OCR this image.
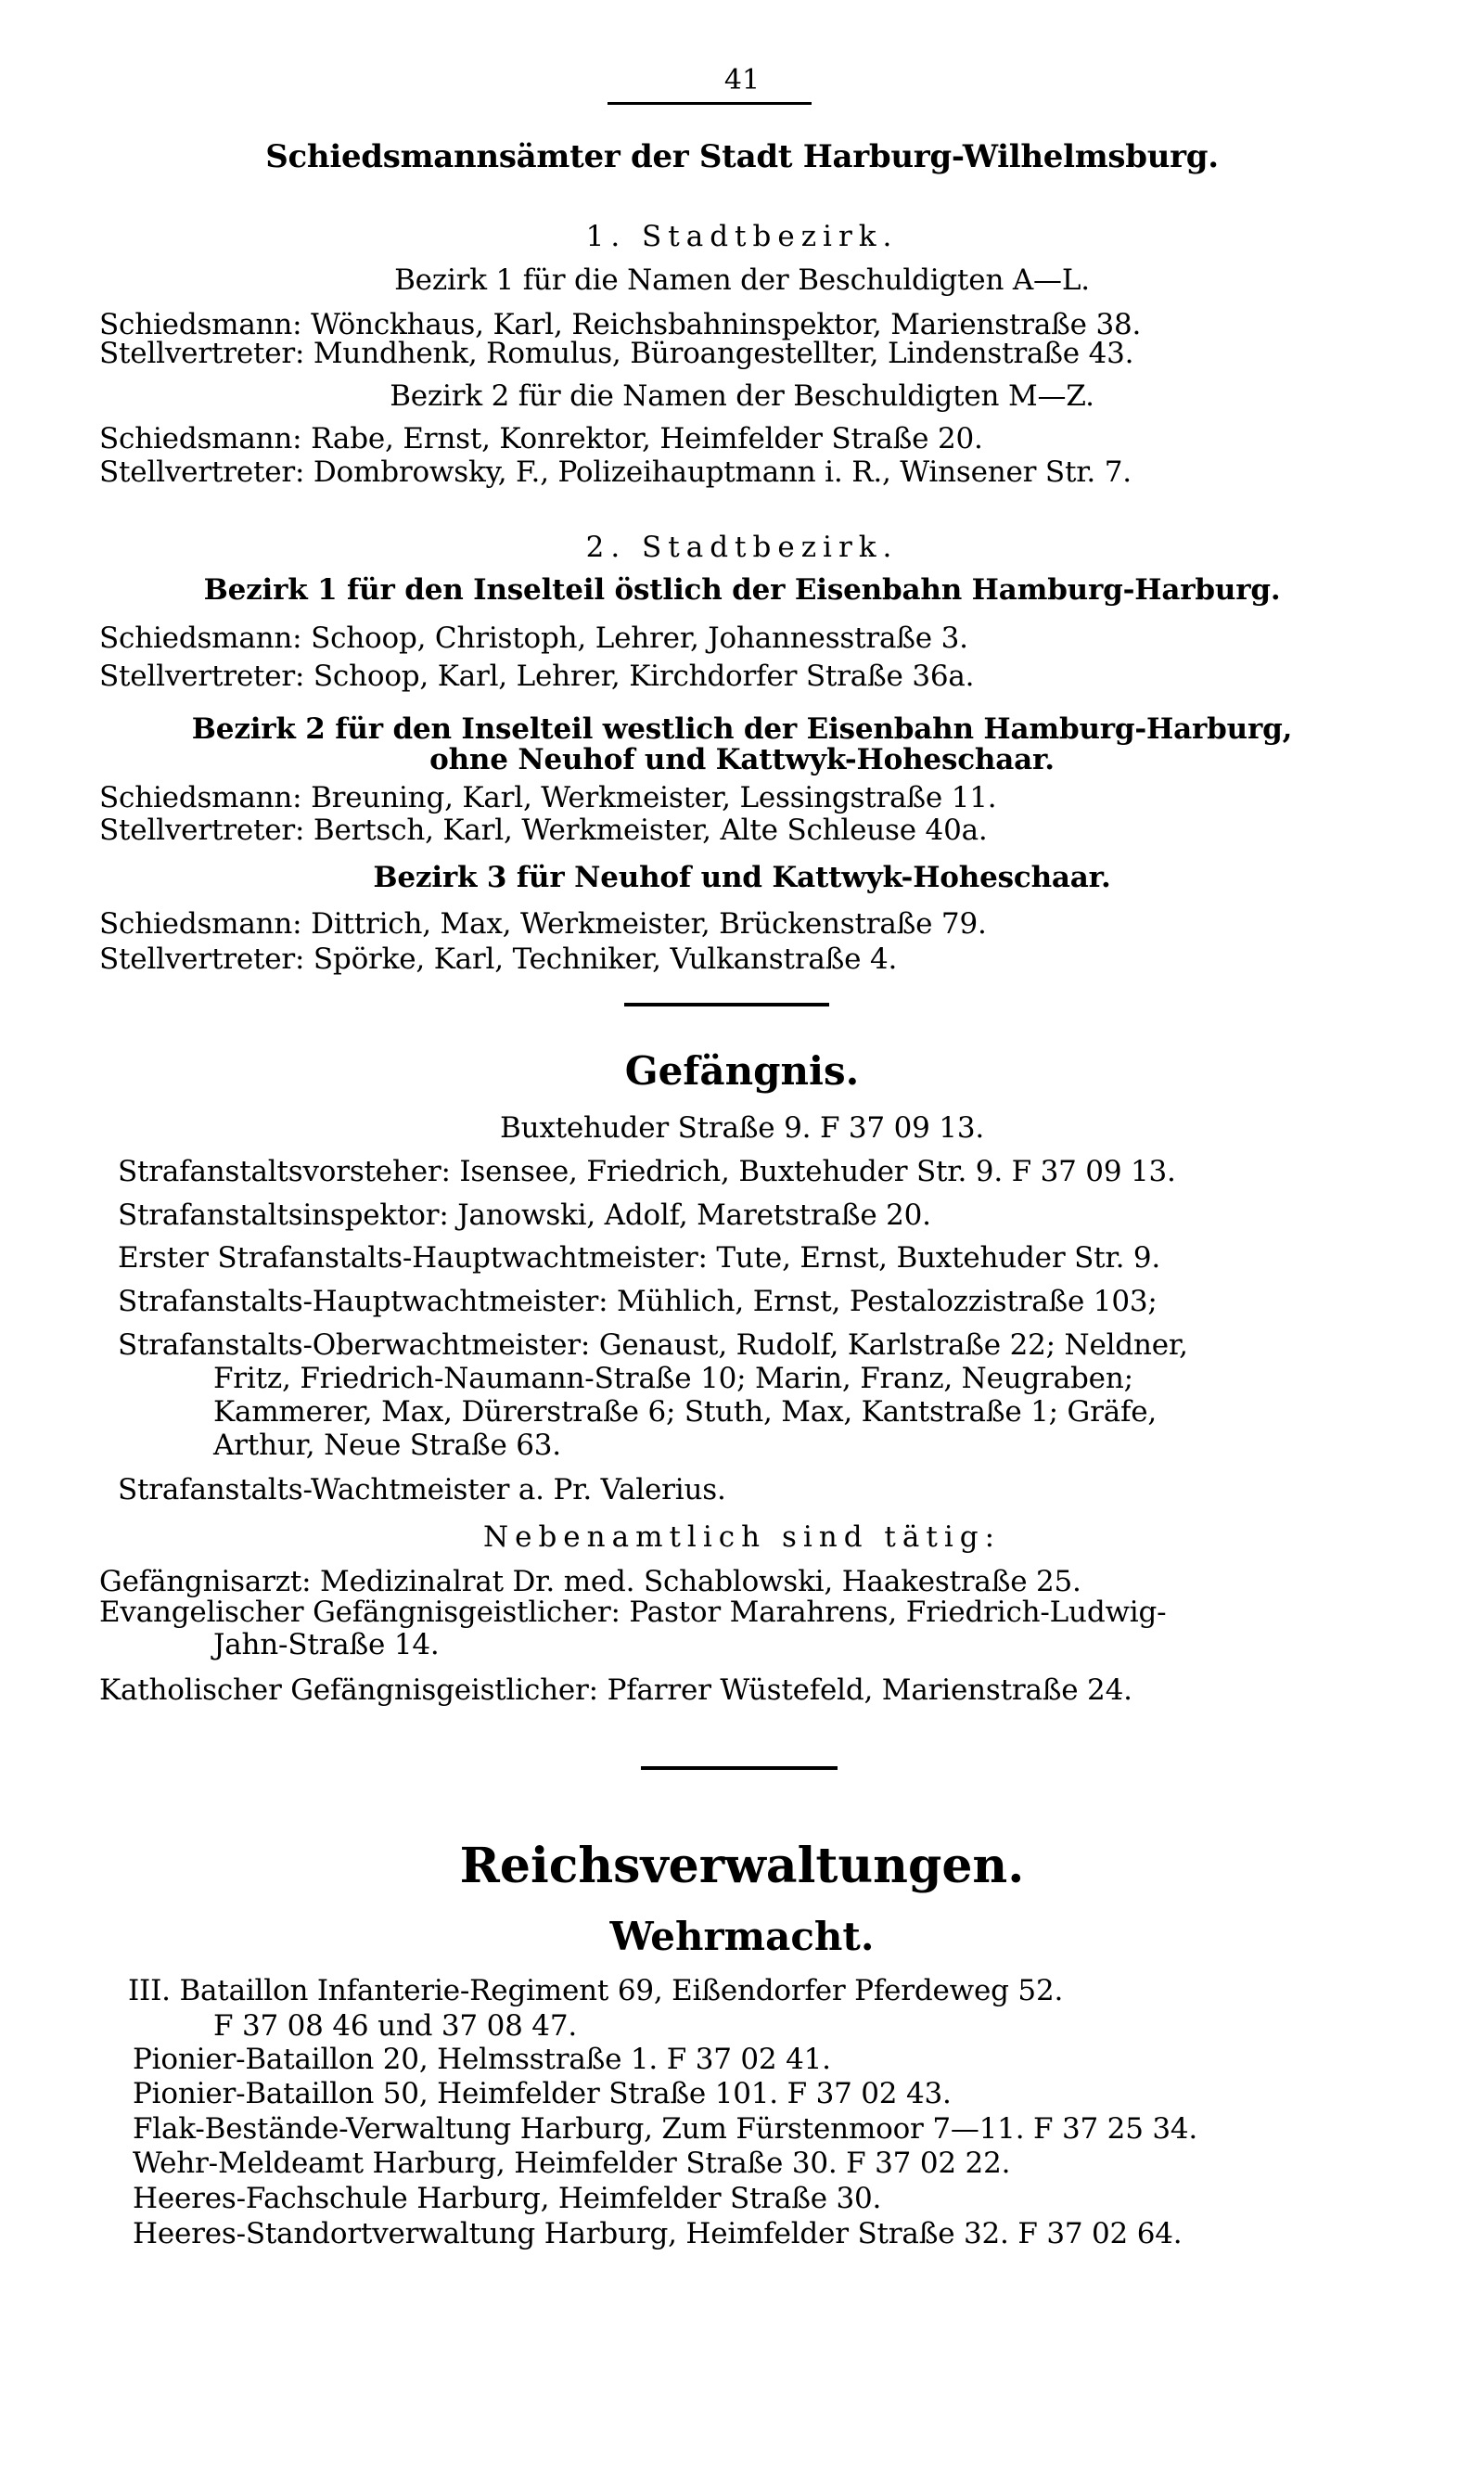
41
Schiedsmannsämter der Stadt Harburg-Wilhelmsburg.
1. Stadtbezirk.
Bezirk 1 für die Namen der Beschuldigten A—L.
Schiedsmann: Wönckhaus, Karl, Reichsbahninspektor, Marienstraße 38.
Stellvertreter: Mundhenk, Romulus, Büroangestellter, Lindenstraße 43.
Bezirk 2 für die Namen der Beschuldigten M—Z.
Schiedsmann: Rabe, Ernst, Konrektor, Heimfelder Straße 20.
Stellvertreter: Dombrowsky, F., Polizeihauptmann i. R., Winsener Str. 7.
2. Stadtbezirk.
Bezirk 1 für den Inselteil östlich der Eisenbahn Hamburg-Harburg.
Schiedsmann: Schoop, Christoph, Lehrer, Johannesstraße 3.
Stellvertreter: Schoop, Karl, Lehrer, Kirchdorfer Straße 36a.
Bezirk 2 für den Inselteil westlich der Eisenbahn Hamburg-Harburg,
ohne Neuhof und Kattwyk-Hoheschaar.
Schiedsmann: Breuning, Karl, Werkmeister, Lessingstraße 11.
Stellvertreter: Bertsch, Karl, Werkmeister, Alte Schleuse 40a.
Bezirk 3 für Neuhof und Kattwyk-Hoheschaar.
Schiedsmann: Dittrich, Max, Werkmeister, Brückenstraße 79.
Stellvertreter: Spörke, Karl, Techniker, Vulkanstraße 4.
Gefängnis.
Buxtehuder Straße 9. F 37 09 13.
Strafanstaltsvorsteher: Isensee, Friedrich, Buxtehuder Str. 9. F 37 09 13.
Strafanstaltsinspektor: Janowski, Adolf, Maretstraße 20.
Erster Strafanstalts-Hauptwachtmeister: Tute, Ernst, Buxtehuder Str. 9.
Strafanstalts-Hauptwachtmeister: Mühlich, Ernst, Pestalozzistraße 103;
Strafanstalts-Oberwachtmeister: Genaust, Rudolf, Karlstraße 22; Neldner,
Fritz, Friedrich-Naumann-Straße 10; Marin, Franz, Neugraben;
Kammerer, Max, Dürerstraße 6; Stuth, Max, Kantstraße 1; Gräfe,
Arthur, Neue Straße 63.
Strafanstalts-Wachtmeister a. Pr. Valerius.
Nebenamtlich sind tätig:
Gefängnisarzt: Medizinalrat Dr. med. Schablowski, Haakestraße 25.
Evangelischer Gefängnisgeistlicher: Pastor Marahrens, Friedrich-Ludwig-
Jahn-Straße 14.
Katholischer Gefängnisgeistlicher: Pfarrer Wüstefeld, Marienstraße 24.
Reichsverwaltungen.
Wehrmacht.
III. Bataillon Infanterie-Regiment 69, Eißendorfer Pferdeweg 52.
F 37 08 46 und 37 08 47.
Pionier-Bataillon 20, Helmsstraße 1. F 37 02 41.
Pionier-Bataillon 50, Heimfelder Straße 101. F 37 02 43.
Flak-Bestände-Verwaltung Harburg, Zum Fürstenmoor 7—11. F 37 25 34.
Wehr-Meldeamt Harburg, Heimfelder Straße 30. F 37 02 22.
Heeres-Fachschule Harburg, Heimfelder Straße 30.
Heeres-Standortverwaltung Harburg, Heimfelder Straße 32. F 37 02 64.
